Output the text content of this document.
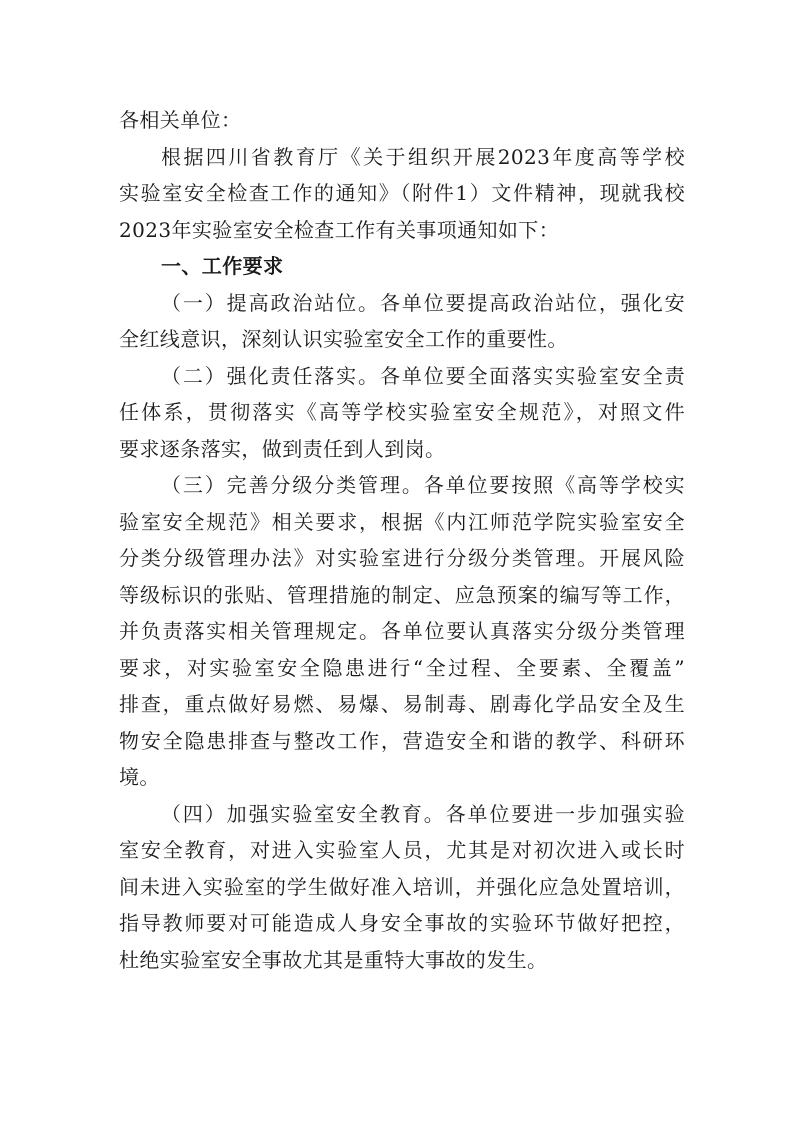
各相关单位：
根据四川省教育厅《关于组织开展2023年度高等学校
实验室安全检查工作的通知》（附件1）文件精神，现就我校
2023年实验室安全检查工作有关事项通知如下：
一、工作要求
（一）提高政治站位。各单位要提高政治站位，强化安
全红线意识，深刻认识实验室安全工作的重要性。
（二）强化责任落实。各单位要全面落实实验室安全责
任体系，贯彻落实《高等学校实验室安全规范》，对照文件
要求逐条落实，做到责任到人到岗。
（三）完善分级分类管理。各单位要按照《高等学校实
验室安全规范》相关要求，根据《内江师范学院实验室安全
分类分级管理办法》对实验室进行分级分类管理。开展风险
等级标识的张贴、管理措施的制定、应急预案的编写等工作，
并负责落实相关管理规定。各单位要认真落实分级分类管理
要求，对实验室安全隐患进行“全过程、全要素、全覆盖”
排查，重点做好易燃、易爆、易制毒、剧毒化学品安全及生
物安全隐患排查与整改工作，营造安全和谐的教学、科研环
境。
（四）加强实验室安全教育。各单位要进一步加强实验
室安全教育，对进入实验室人员，尤其是对初次进入或长时
间未进入实验室的学生做好准入培训，并强化应急处置培训，
指导教师要对可能造成人身安全事故的实验环节做好把控，
杜绝实验室安全事故尤其是重特大事故的发生。
